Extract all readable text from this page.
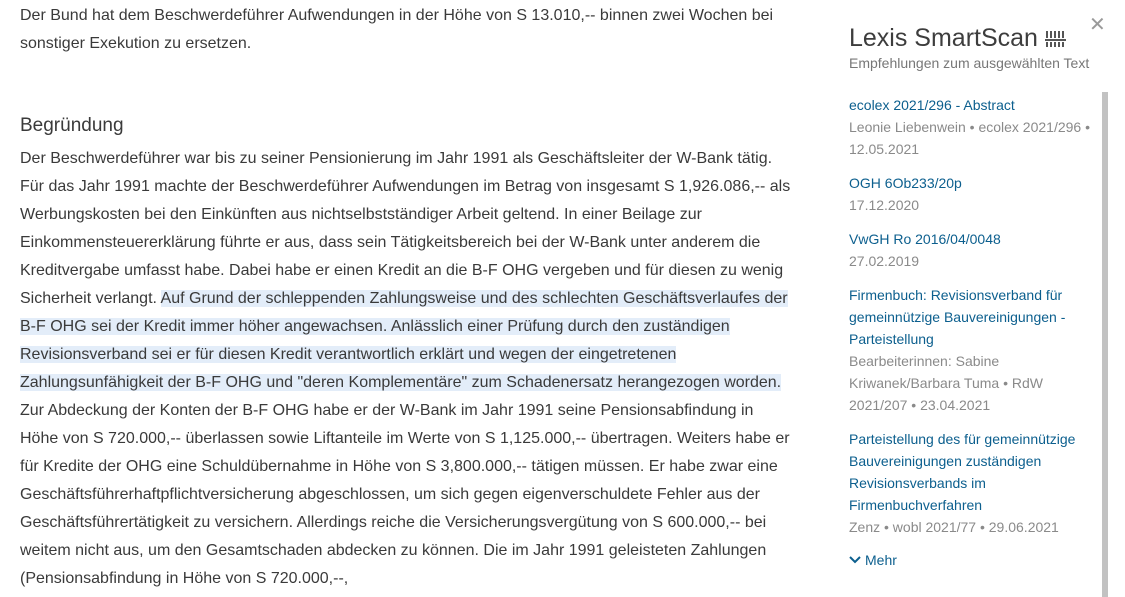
Der Bund hat dem Beschwerdeführer Aufwendungen in der Höhe von S 13.010,-- binnen zwei Wochen bei sonstiger Exekution zu ersetzen.

Begründung

Der Beschwerdeführer war bis zu seiner Pensionierung im Jahr 1991 als Geschäftsleiter der W-Bank tätig. Für das Jahr 1991 machte der Beschwerdeführer Aufwendungen im Betrag von insgesamt S 1,926.086,-- als Werbungskosten bei den Einkünften aus nichtselbstständiger Arbeit geltend. In einer Beilage zur Einkommensteuererklärung führte er aus, dass sein Tätigkeitsbereich bei der W-Bank unter anderem die Kreditvergabe umfasst habe. Dabei habe er einen Kredit an die B-F OHG vergeben und für diesen zu wenig Sicherheit verlangt. Auf Grund der schleppenden Zahlungsweise und des schlechten Geschäftsverlaufes der B-F OHG sei der Kredit immer höher angewachsen. Anlässlich einer Prüfung durch den zuständigen Revisionsverband sei er für diesen Kredit verantwortlich erklärt und wegen der eingetretenen Zahlungsunfähigkeit der B-F OHG und "deren Komplementäre" zum Schadenersatz herangezogen worden. Zur Abdeckung der Konten der B-F OHG habe er der W-Bank im Jahr 1991 seine Pensionsabfindung in Höhe von S 720.000,-- überlassen sowie Liftanteile im Werte von S 1,125.000,-- übertragen. Weiters habe er für Kredite der OHG eine Schuldübernahme in Höhe von S 3,800.000,-- tätigen müssen. Er habe zwar eine Geschäftsführerhaftpflichtversicherung abgeschlossen, um sich gegen eigenverschuldete Fehler aus der Geschäftsführertätigkeit zu versichern. Allerdings reiche die Versicherungsvergütung von S 600.000,-- bei weitem nicht aus, um den Gesamtschaden abdecken zu können. Die im Jahr 1991 geleisteten Zahlungen (Pensionsabfindung in Höhe von S 720.000,--,

✕
Lexis SmartScan
Empfehlungen zum ausgewählten Text
ecolex 2021/296 - Abstract
Leonie Liebenwein • ecolex 2021/296 • 12.05.2021
OGH 6Ob233/20p
17.12.2020
VwGH Ro 2016/04/0048
27.02.2019
Firmenbuch: Revisionsverband für gemeinnützige Bauvereinigungen - Parteistellung
Bearbeiterinnen: Sabine Kriwanek/Barbara Tuma • RdW 2021/207 • 23.04.2021
Parteistellung des für gemeinnützige Bauvereinigungen zuständigen Revisionsverbands im Firmenbuchverfahren
Zenz • wobl 2021/77 • 29.06.2021
Mehr
